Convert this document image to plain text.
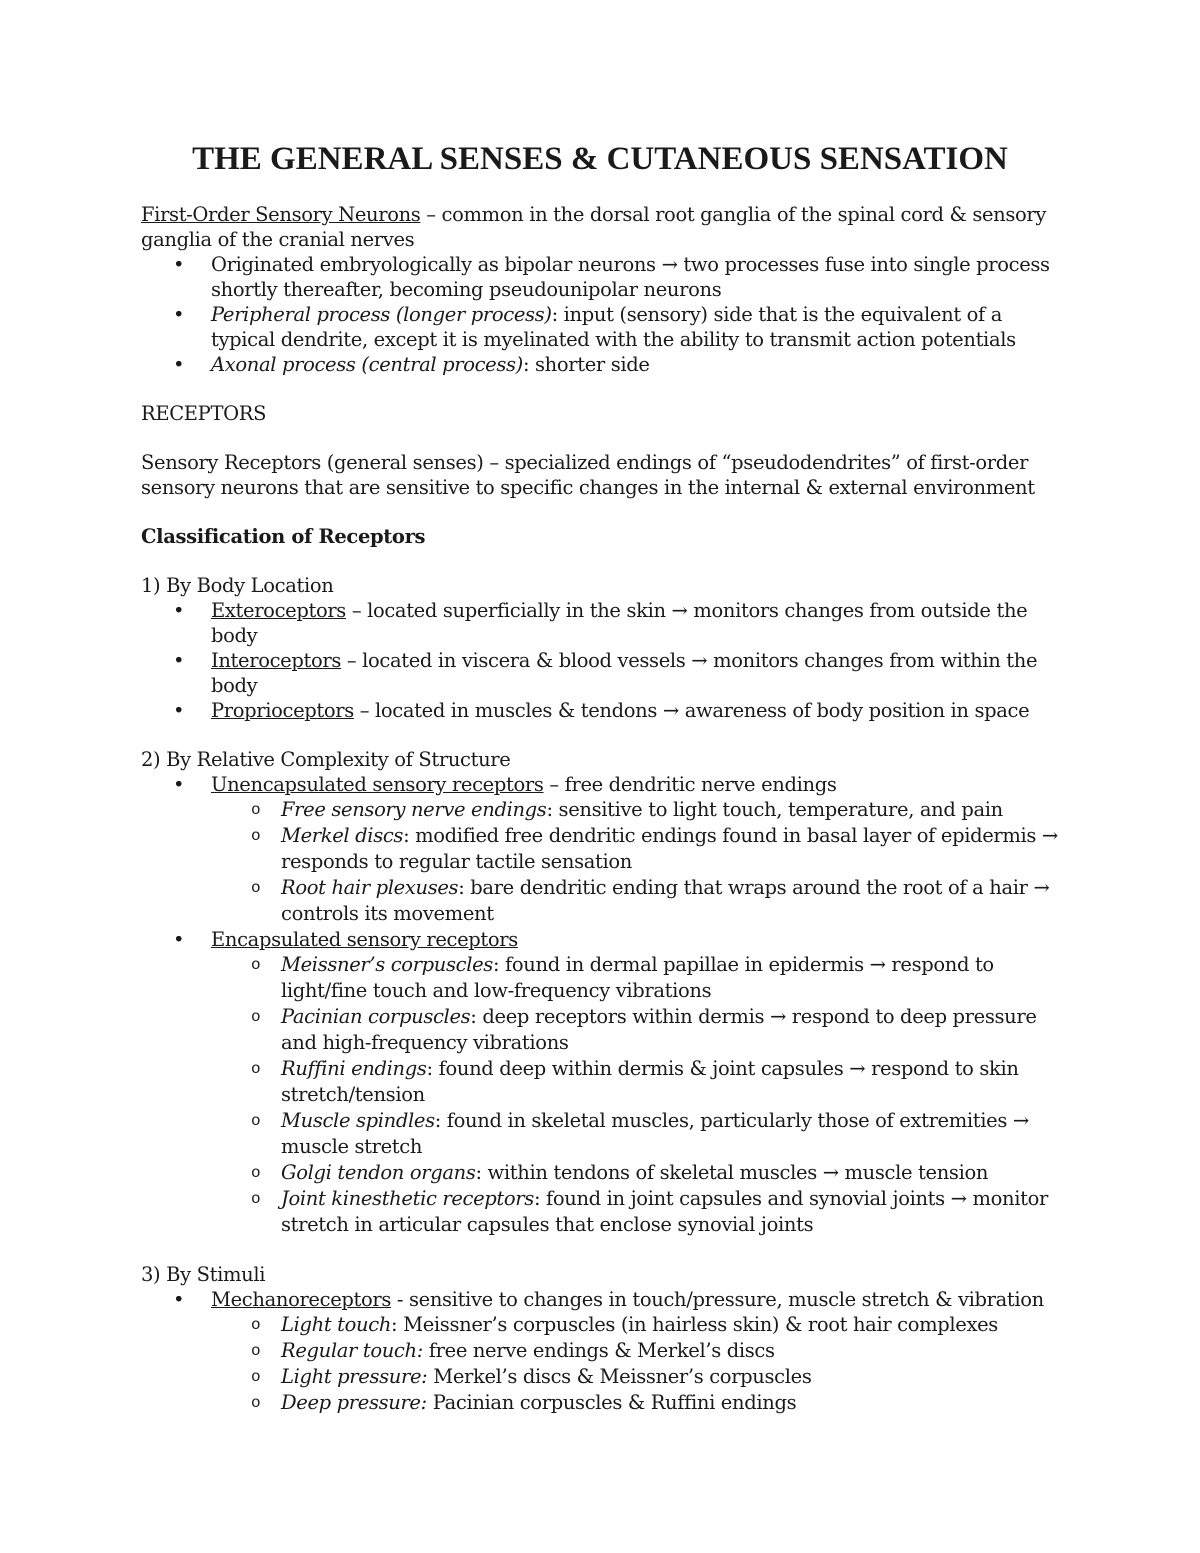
THE GENERAL SENSES & CUTANEOUS SENSATION

First-Order Sensory Neurons – common in the dorsal root ganglia of the spinal cord & sensory ganglia of the cranial nerves

• Originated embryologically as bipolar neurons → two processes fuse into single process shortly thereafter, becoming pseudounipolar neurons
• Peripheral process (longer process): input (sensory) side that is the equivalent of a typical dendrite, except it is myelinated with the ability to transmit action potentials
• Axonal process (central process): shorter side

RECEPTORS

Sensory Receptors (general senses) – specialized endings of “pseudodendrites” of first-order sensory neurons that are sensitive to specific changes in the internal & external environment

Classification of Receptors

1) By Body Location

• Exteroceptors – located superficially in the skin → monitors changes from outside the body
• Interoceptors – located in viscera & blood vessels → monitors changes from within the body
• Proprioceptors – located in muscles & tendons → awareness of body position in space

2) By Relative Complexity of Structure

• Unencapsulated sensory receptors – free dendritic nerve endings
o Free sensory nerve endings: sensitive to light touch, temperature, and pain
o Merkel discs: modified free dendritic endings found in basal layer of epidermis → responds to regular tactile sensation
o Root hair plexuses: bare dendritic ending that wraps around the root of a hair → controls its movement
• Encapsulated sensory receptors
o Meissner’s corpuscles: found in dermal papillae in epidermis → respond to light/fine touch and low-frequency vibrations
o Pacinian corpuscles: deep receptors within dermis → respond to deep pressure and high-frequency vibrations
o Ruffini endings: found deep within dermis & joint capsules → respond to skin stretch/tension
o Muscle spindles: found in skeletal muscles, particularly those of extremities → muscle stretch
o Golgi tendon organs: within tendons of skeletal muscles → muscle tension
o Joint kinesthetic receptors: found in joint capsules and synovial joints → monitor stretch in articular capsules that enclose synovial joints

3) By Stimuli

• Mechanoreceptors - sensitive to changes in touch/pressure, muscle stretch & vibration
o Light touch: Meissner’s corpuscles (in hairless skin) & root hair complexes
o Regular touch: free nerve endings & Merkel’s discs
o Light pressure: Merkel’s discs & Meissner’s corpuscles
o Deep pressure: Pacinian corpuscles & Ruffini endings
